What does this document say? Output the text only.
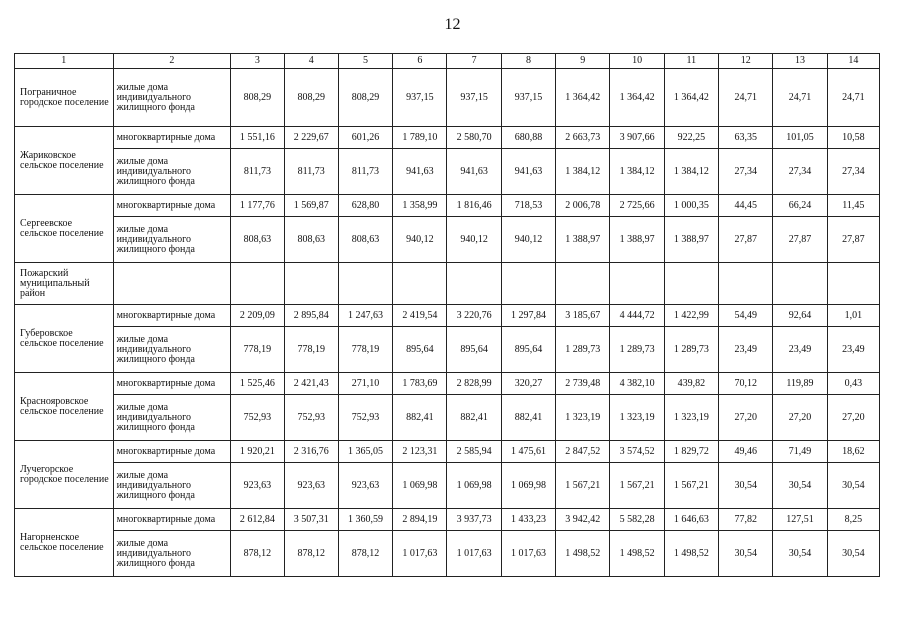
12
1	2	3	4	5	6	7	8	9	10	11	12	13	14
Пограничное городское поселение	жилые дома индивидуального жилищного фонда	808,29	808,29	808,29	937,15	937,15	937,15	1 364,42	1 364,42	1 364,42	24,71	24,71	24,71
Жариковское сельское поселение	многоквартирные дома	1 551,16	2 229,67	601,26	1 789,10	2 580,70	680,88	2 663,73	3 907,66	922,25	63,35	101,05	10,58
	жилые дома индивидуального жилищного фонда	811,73	811,73	811,73	941,63	941,63	941,63	1 384,12	1 384,12	1 384,12	27,34	27,34	27,34
Сергеевское сельское поселение	многоквартирные дома	1 177,76	1 569,87	628,80	1 358,99	1 816,46	718,53	2 006,78	2 725,66	1 000,35	44,45	66,24	11,45
	жилые дома индивидуального жилищного фонда	808,63	808,63	808,63	940,12	940,12	940,12	1 388,97	1 388,97	1 388,97	27,87	27,87	27,87
Пожарский муниципальный район													
Губеровское сельское поселение	многоквартирные дома	2 209,09	2 895,84	1 247,63	2 419,54	3 220,76	1 297,84	3 185,67	4 444,72	1 422,99	54,49	92,64	1,01
	жилые дома индивидуального жилищного фонда	778,19	778,19	778,19	895,64	895,64	895,64	1 289,73	1 289,73	1 289,73	23,49	23,49	23,49
Краснояровское сельское поселение	многоквартирные дома	1 525,46	2 421,43	271,10	1 783,69	2 828,99	320,27	2 739,48	4 382,10	439,82	70,12	119,89	0,43
	жилые дома индивидуального жилищного фонда	752,93	752,93	752,93	882,41	882,41	882,41	1 323,19	1 323,19	1 323,19	27,20	27,20	27,20
Лучегорское городское поселение	многоквартирные дома	1 920,21	2 316,76	1 365,05	2 123,31	2 585,94	1 475,61	2 847,52	3 574,52	1 829,72	49,46	71,49	18,62
	жилые дома индивидуального жилищного фонда	923,63	923,63	923,63	1 069,98	1 069,98	1 069,98	1 567,21	1 567,21	1 567,21	30,54	30,54	30,54
Нагорненское сельское поселение	многоквартирные дома	2 612,84	3 507,31	1 360,59	2 894,19	3 937,73	1 433,23	3 942,42	5 582,28	1 646,63	77,82	127,51	8,25
	жилые дома индивидуального жилищного фонда	878,12	878,12	878,12	1 017,63	1 017,63	1 017,63	1 498,52	1 498,52	1 498,52	30,54	30,54	30,54
